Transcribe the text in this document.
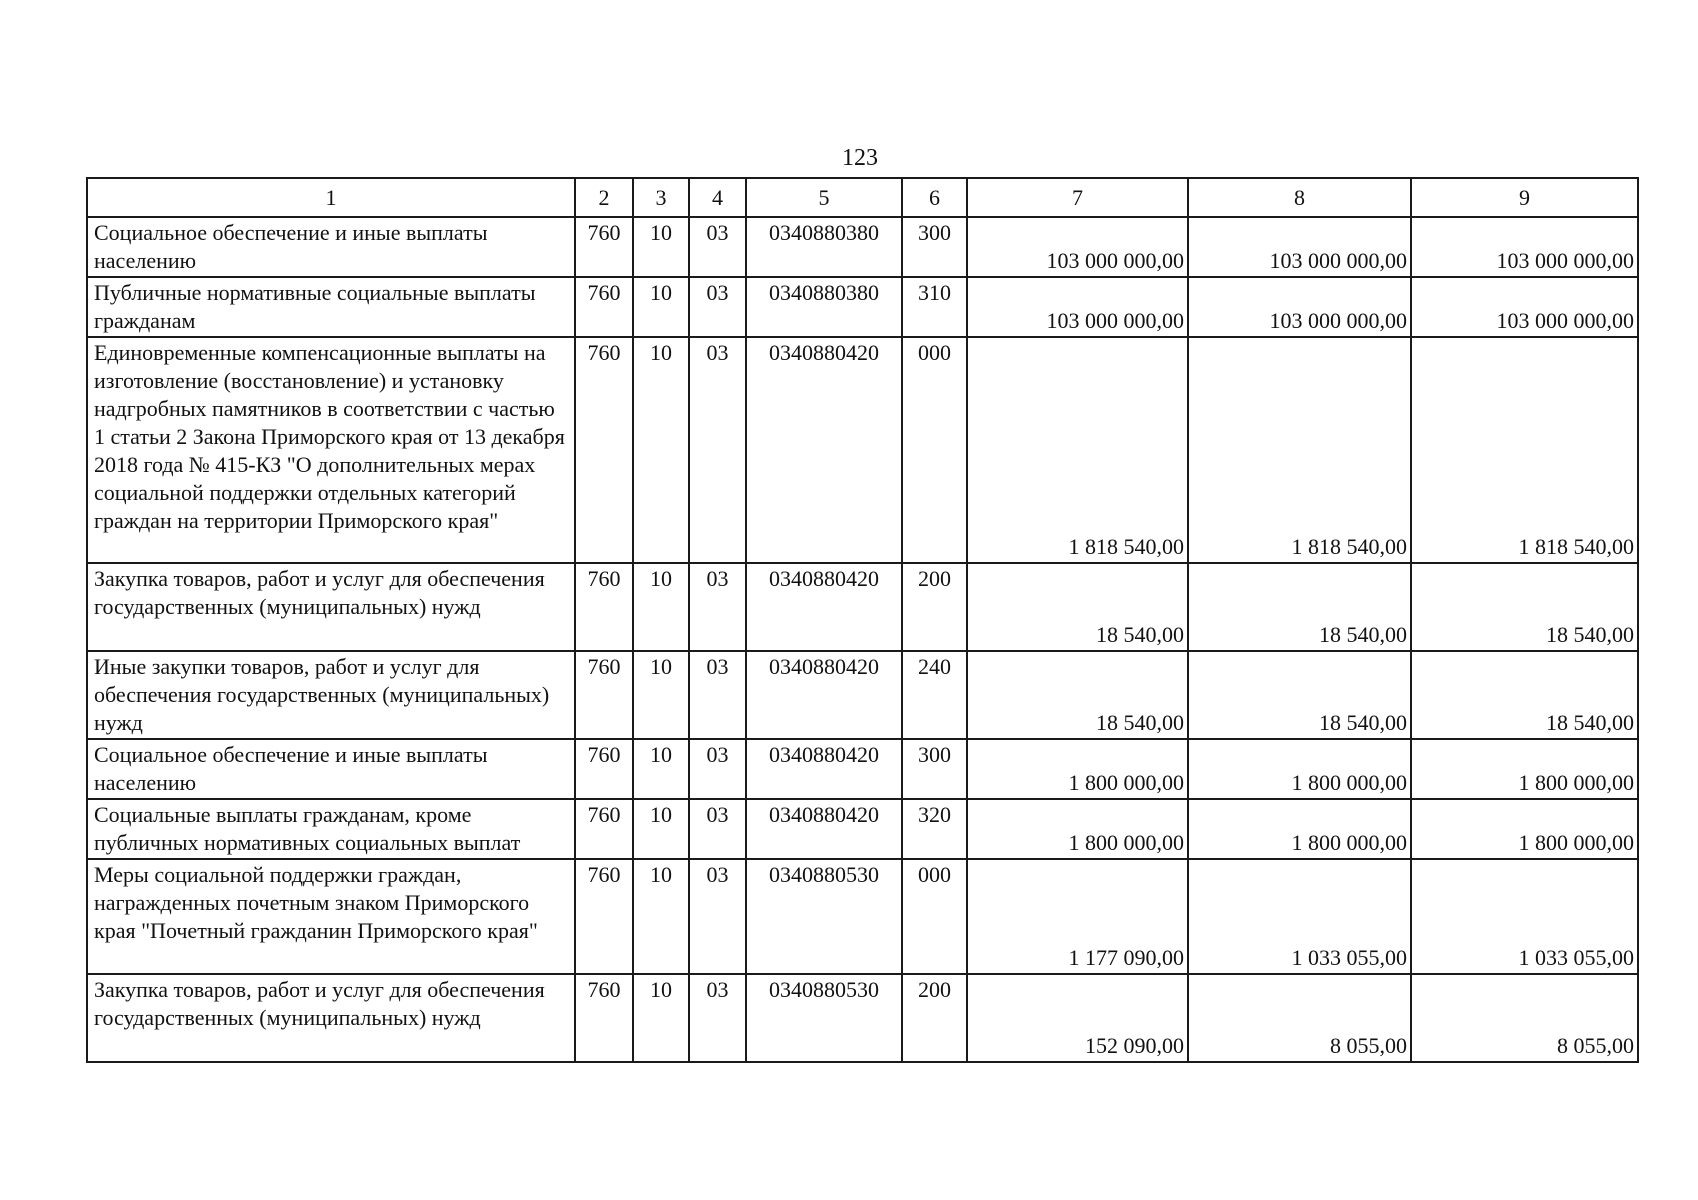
123
1	2	3	4	5	6	7	8	9
Социальное обеспечение и иные выплаты населению	760	10	03	0340880380	300	103 000 000,00	103 000 000,00	103 000 000,00
Публичные нормативные социальные выплаты гражданам	760	10	03	0340880380	310	103 000 000,00	103 000 000,00	103 000 000,00
Единовременные компенсационные выплаты на изготовление (восстановление) и установку надгробных памятников в соответствии с частью 1 статьи 2 Закона Приморского края от 13 декабря 2018 года № 415-КЗ "О дополнительных мерах социальной поддержки отдельных категорий граждан на территории Приморского края"	760	10	03	0340880420	000	1 818 540,00	1 818 540,00	1 818 540,00
Закупка товаров, работ и услуг для обеспечения государственных (муниципальных) нужд	760	10	03	0340880420	200	18 540,00	18 540,00	18 540,00
Иные закупки товаров, работ и услуг для обеспечения государственных (муниципальных) нужд	760	10	03	0340880420	240	18 540,00	18 540,00	18 540,00
Социальное обеспечение и иные выплаты населению	760	10	03	0340880420	300	1 800 000,00	1 800 000,00	1 800 000,00
Социальные выплаты гражданам, кроме публичных нормативных социальных выплат	760	10	03	0340880420	320	1 800 000,00	1 800 000,00	1 800 000,00
Меры социальной поддержки граждан, награжденных почетным знаком Приморского края "Почетный гражданин Приморского края"	760	10	03	0340880530	000	1 177 090,00	1 033 055,00	1 033 055,00
Закупка товаров, работ и услуг для обеспечения государственных (муниципальных) нужд	760	10	03	0340880530	200	152 090,00	8 055,00	8 055,00
